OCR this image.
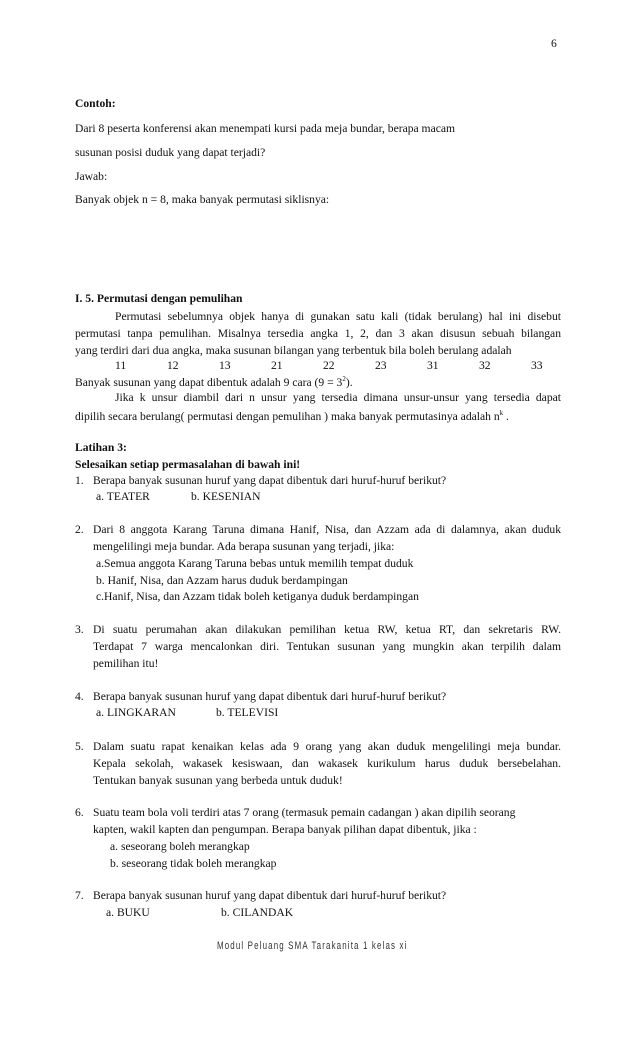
6
Contoh:
Dari 8 peserta konferensi akan menempati kursi pada meja bundar, berapa macam
susunan posisi duduk yang dapat terjadi?
Jawab:
Banyak objek n = 8, maka banyak permutasi siklisnya:
I. 5. Permutasi dengan pemulihan
Permutasi sebelumnya objek hanya di gunakan satu kali (tidak berulang) hal ini disebut
permutasi tanpa pemulihan. Misalnya tersedia angka 1, 2, dan 3 akan disusun sebuah bilangan
yang terdiri dari dua angka, maka susunan bilangan yang terbentuk bila boleh berulang adalah
11	12	13	21	22	23	31	32	33
Banyak susunan yang dapat dibentuk adalah 9 cara $(9 = 3^2)$.
Jika k unsur diambil dari n unsur yang tersedia dimana unsur-unsur yang tersedia dapat
dipilih secara berulang( permutasi dengan pemulihan ) maka banyak permutasinya adalah $n^k$ .
Latihan 3:
Selesaikan setiap permasalahan di bawah ini!
1. Berapa banyak susunan huruf yang dapat dibentuk dari huruf-huruf berikut?
a. TEATER	b. KESENIAN
2. Dari 8 anggota Karang Taruna dimana Hanif, Nisa, dan Azzam ada di dalamnya, akan duduk
mengelilingi meja bundar. Ada berapa susunan yang terjadi, jika:
a.Semua anggota Karang Taruna bebas untuk memilih tempat duduk
b. Hanif, Nisa, dan Azzam harus duduk berdampingan
c.Hanif, Nisa, dan Azzam tidak boleh ketiganya duduk berdampingan
3. Di suatu perumahan akan dilakukan pemilihan ketua RW, ketua RT, dan sekretaris RW.
Terdapat 7 warga mencalonkan diri. Tentukan susunan yang mungkin akan terpilih dalam
pemilihan itu!
4. Berapa banyak susunan huruf yang dapat dibentuk dari huruf-huruf berikut?
a. LINGKARAN	b. TELEVISI
5. Dalam suatu rapat kenaikan kelas ada 9 orang yang akan duduk mengelilingi meja bundar.
Kepala sekolah, wakasek kesiswaan, dan wakasek kurikulum harus duduk bersebelahan.
Tentukan banyak susunan yang berbeda untuk duduk!
6. Suatu team bola voli terdiri atas 7 orang (termasuk pemain cadangan ) akan dipilih seorang
kapten, wakil kapten dan pengumpan. Berapa banyak pilihan dapat dibentuk, jika :
a. seseorang boleh merangkap
b. seseorang tidak boleh merangkap
7. Berapa banyak susunan huruf yang dapat dibentuk dari huruf-huruf berikut?
a. BUKU	b. CILANDAK
Modul Peluang SMA Tarakanita 1 kelas xi
